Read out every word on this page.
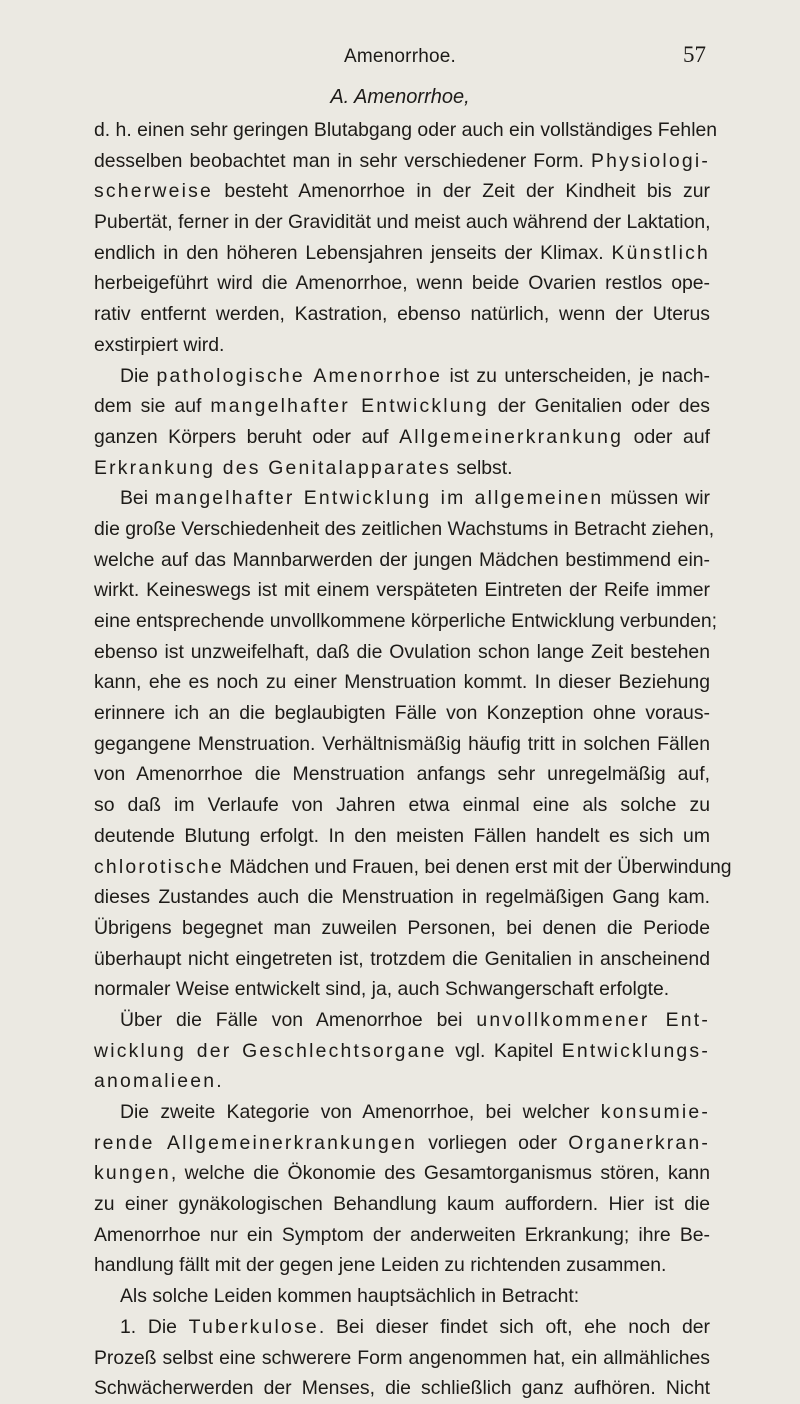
Amenorrhoe.	57
A. Amenorrhoe,
d. h. einen sehr geringen Blutabgang oder auch ein vollständiges Fehlen
desselben beobachtet man in sehr verschiedener Form. Physiologi-
scherweise besteht Amenorrhoe in der Zeit der Kindheit bis zur
Pubertät, ferner in der Gravidität und meist auch während der Laktation,
endlich in den höheren Lebensjahren jenseits der Klimax. Künstlich
herbeigeführt wird die Amenorrhoe, wenn beide Ovarien restlos ope-
rativ entfernt werden, Kastration, ebenso natürlich, wenn der Uterus
exstirpiert wird.
Die pathologische Amenorrhoe ist zu unterscheiden, je nach-
dem sie auf mangelhafter Entwicklung der Genitalien oder des
ganzen Körpers beruht oder auf Allgemeinerkrankung oder auf
Erkrankung des Genitalapparates selbst.
Bei mangelhafter Entwicklung im allgemeinen müssen wir
die große Verschiedenheit des zeitlichen Wachstums in Betracht ziehen,
welche auf das Mannbarwerden der jungen Mädchen bestimmend ein-
wirkt. Keineswegs ist mit einem verspäteten Eintreten der Reife immer
eine entsprechende unvollkommene körperliche Entwicklung verbunden;
ebenso ist unzweifelhaft, daß die Ovulation schon lange Zeit bestehen
kann, ehe es noch zu einer Menstruation kommt. In dieser Beziehung
erinnere ich an die beglaubigten Fälle von Konzeption ohne voraus-
gegangene Menstruation. Verhältnismäßig häufig tritt in solchen Fällen
von Amenorrhoe die Menstruation anfangs sehr unregelmäßig auf,
so daß im Verlaufe von Jahren etwa einmal eine als solche zu
deutende Blutung erfolgt. In den meisten Fällen handelt es sich um
chlorotische Mädchen und Frauen, bei denen erst mit der Überwindung
dieses Zustandes auch die Menstruation in regelmäßigen Gang kam.
Übrigens begegnet man zuweilen Personen, bei denen die Periode
überhaupt nicht eingetreten ist, trotzdem die Genitalien in anscheinend
normaler Weise entwickelt sind, ja, auch Schwangerschaft erfolgte.
Über die Fälle von Amenorrhoe bei unvollkommener Ent-
wicklung der Geschlechtsorgane vgl. Kapitel Entwicklungs-
anomalieen.
Die zweite Kategorie von Amenorrhoe, bei welcher konsumie-
rende Allgemeinerkrankungen vorliegen oder Organerkran-
kungen, welche die Ökonomie des Gesamtorganismus stören, kann
zu einer gynäkologischen Behandlung kaum auffordern. Hier ist die
Amenorrhoe nur ein Symptom der anderweiten Erkrankung; ihre Be-
handlung fällt mit der gegen jene Leiden zu richtenden zusammen.
Als solche Leiden kommen hauptsächlich in Betracht:
1. Die Tuberkulose. Bei dieser findet sich oft, ehe noch der
Prozeß selbst eine schwerere Form angenommen hat, ein allmähliches
Schwächerwerden der Menses, die schließlich ganz aufhören. Nicht
